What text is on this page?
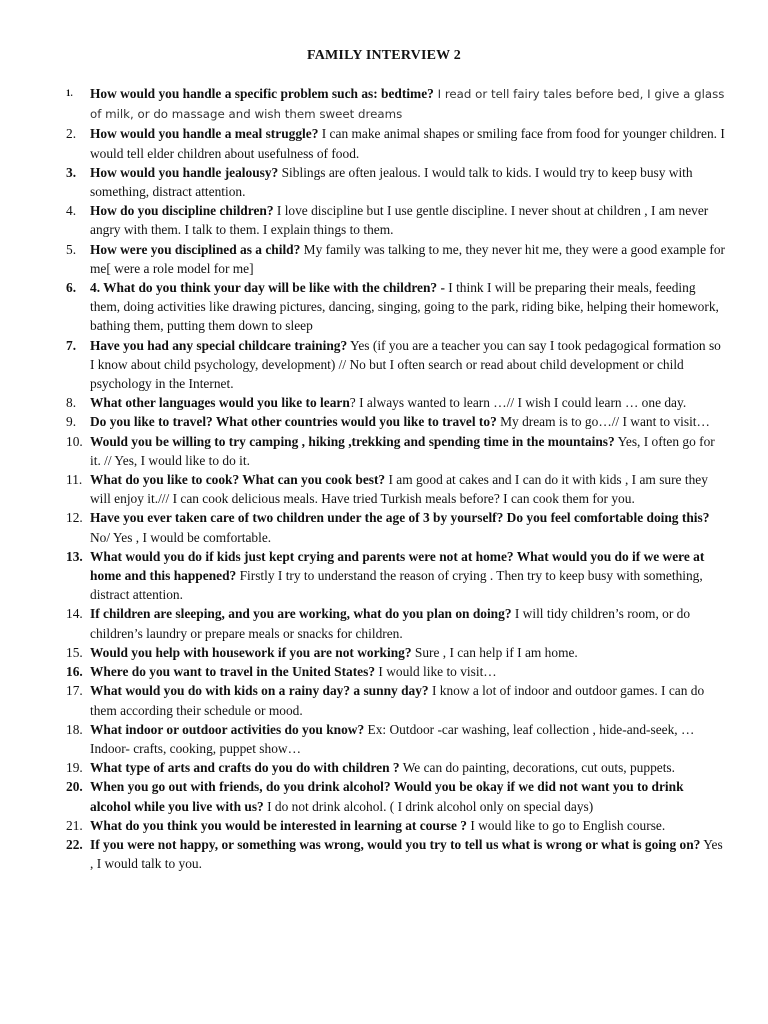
FAMILY INTERVIEW 2
1.	How would you handle a specific problem such as: bedtime? I read or tell fairy tales before bed, I give a glass of milk, or do massage and wish them sweet dreams
2.	How would you handle a meal struggle? I can make animal shapes or smiling face from food for younger children. I would tell elder children about usefulness of food.
3.	How would you handle jealousy? Siblings are often jealous. I would talk to kids. I would try to keep busy with something, distract attention.
4.	How do you discipline children? I love discipline but I use gentle discipline. I never shout at children , I am never angry with them. I talk to them. I explain things to them.
5.	How were you disciplined as a child? My family was talking to me, they never hit me, they were a good example for me[ were a role model for me]
6.	4. What do you think your day will be like with the children? - I think I will be preparing their meals, feeding them, doing activities like drawing pictures, dancing, singing, going to the park, riding bike, helping their homework, bathing them, putting them down to sleep
7.	Have you had any special childcare training? Yes (if you are a teacher you can say I took pedagogical formation so I know about child psychology, development) // No but I often search or read about child development or child psychology in the Internet.
8.	What other languages would you like to learn? I always wanted to learn …// I wish I could learn … one day.
9.	Do you like to travel? What other countries would you like to travel to? My dream is to go…// I want to visit…
10. Would you be willing to try camping , hiking ,trekking and spending time in the mountains? Yes, I often go for it. // Yes, I would like to do it.
11. What do you like to cook? What can you cook best? I am good at cakes and I can do it with kids , I am sure they will enjoy it./// I can cook delicious meals. Have tried Turkish meals before? I can cook them for you.
12. Have you ever taken care of two children under the age of 3 by yourself? Do you feel comfortable doing this? No/ Yes , I would be comfortable.
13. What would you do if kids just kept crying and parents were not at home? What would you do if we were at home and this happened? Firstly I try to understand the reason of crying . Then try to keep busy with something, distract attention.
14. If children are sleeping, and you are working, what do you plan on doing? I will tidy children’s room, or do children’s laundry or prepare meals or snacks for children.
15. Would you help with housework if you are not working? Sure , I can help if I am home.
16. Where do you want to travel in the United States? I would like to visit…
17. What would you do with kids on a rainy day? a sunny day? I know a lot of indoor and outdoor games. I can do them according their schedule or mood.
18. What indoor or outdoor activities do you know? Ex: Outdoor -car washing, leaf collection , hide-and-seek, …Indoor- crafts, cooking, puppet show…
19. What type of arts and crafts do you do with children ? We can do painting, decorations, cut outs, puppets.
20. When you go out with friends, do you drink alcohol? Would you be okay if we did not want you to drink alcohol while you live with us? I do not drink alcohol. ( I drink alcohol only on special days)
21. What do you think you would be interested in learning at course ? I would like to go to English course.
22. If you were not happy, or something was wrong, would you try to tell us what is wrong or what is going on? Yes , I would talk to you.
